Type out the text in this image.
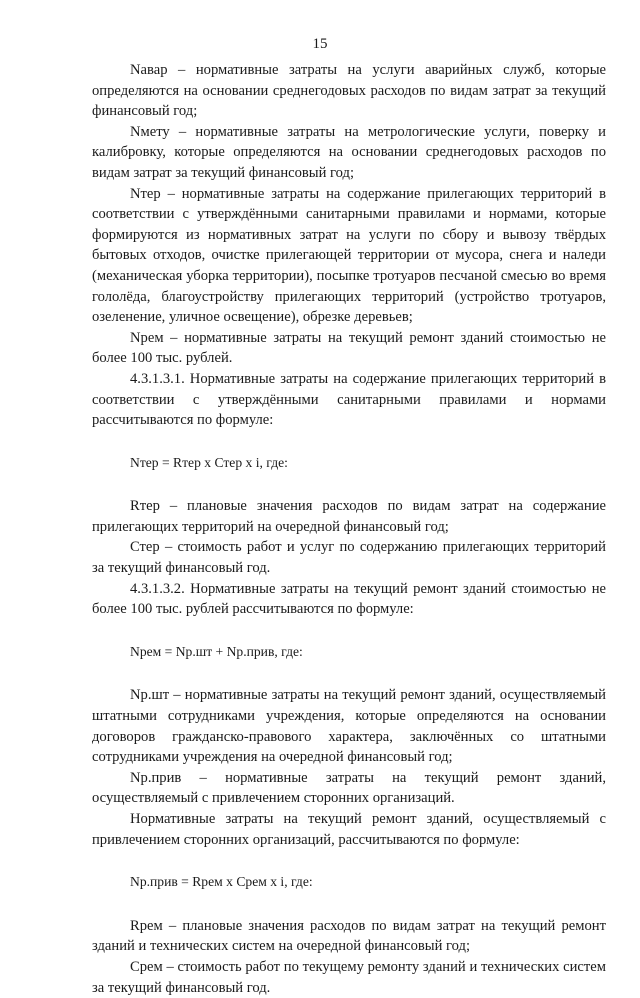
15

Nавар – нормативные затраты на услуги аварийных служб, которые определяются на основании среднегодовых расходов по видам затрат за текущий финансовый год;

Nмету – нормативные затраты на метрологические услуги, поверку и калибровку, которые определяются на основании среднегодовых расходов по видам затрат за текущий финансовый год;

Nтер – нормативные затраты на содержание прилегающих территорий в соответствии с утверждёнными санитарными правилами и нормами, которые формируются из нормативных затрат на услуги по сбору и вывозу твёрдых бытовых отходов, очистке прилегающей территории от мусора, снега и наледи (механическая уборка территории), посыпке тротуаров песчаной смесью во время гололёда, благоустройству прилегающих территорий (устройство тротуаров, озеленение, уличное освещение), обрезке деревьев;

Nрем – нормативные затраты на текущий ремонт зданий стоимостью не более 100 тыс. рублей.

4.3.1.3.1. Нормативные затраты на содержание прилегающих территорий в соответствии с утверждёнными санитарными правилами и нормами рассчитываются по формуле:

Nтер = Rтер x Стер x i, где:

Rтер – плановые значения расходов по видам затрат на содержание прилегающих территорий на очередной финансовый год;

Стер – стоимость работ и услуг по содержанию прилегающих территорий за текущий финансовый год.

4.3.1.3.2. Нормативные затраты на текущий ремонт зданий стоимостью не более 100 тыс. рублей рассчитываются по формуле:

Nрем = Nр.шт + Nр.прив, где:

Nр.шт – нормативные затраты на текущий ремонт зданий, осуществляемый штатными сотрудниками учреждения, которые определяются на основании договоров гражданско-правового характера, заключённых со штатными сотрудниками учреждения на очередной финансовый год;

Nр.прив – нормативные затраты на текущий ремонт зданий, осуществляемый с привлечением сторонних организаций.

Нормативные затраты на текущий ремонт зданий, осуществляемый с привлечением сторонних организаций, рассчитываются по формуле:

Nр.прив = Rрем x Срем x i, где:

Rрем – плановые значения расходов по видам затрат на текущий ремонт зданий и технических систем на очередной финансовый год;

Срем – стоимость работ по текущему ремонту зданий и технических систем за текущий финансовый год.
